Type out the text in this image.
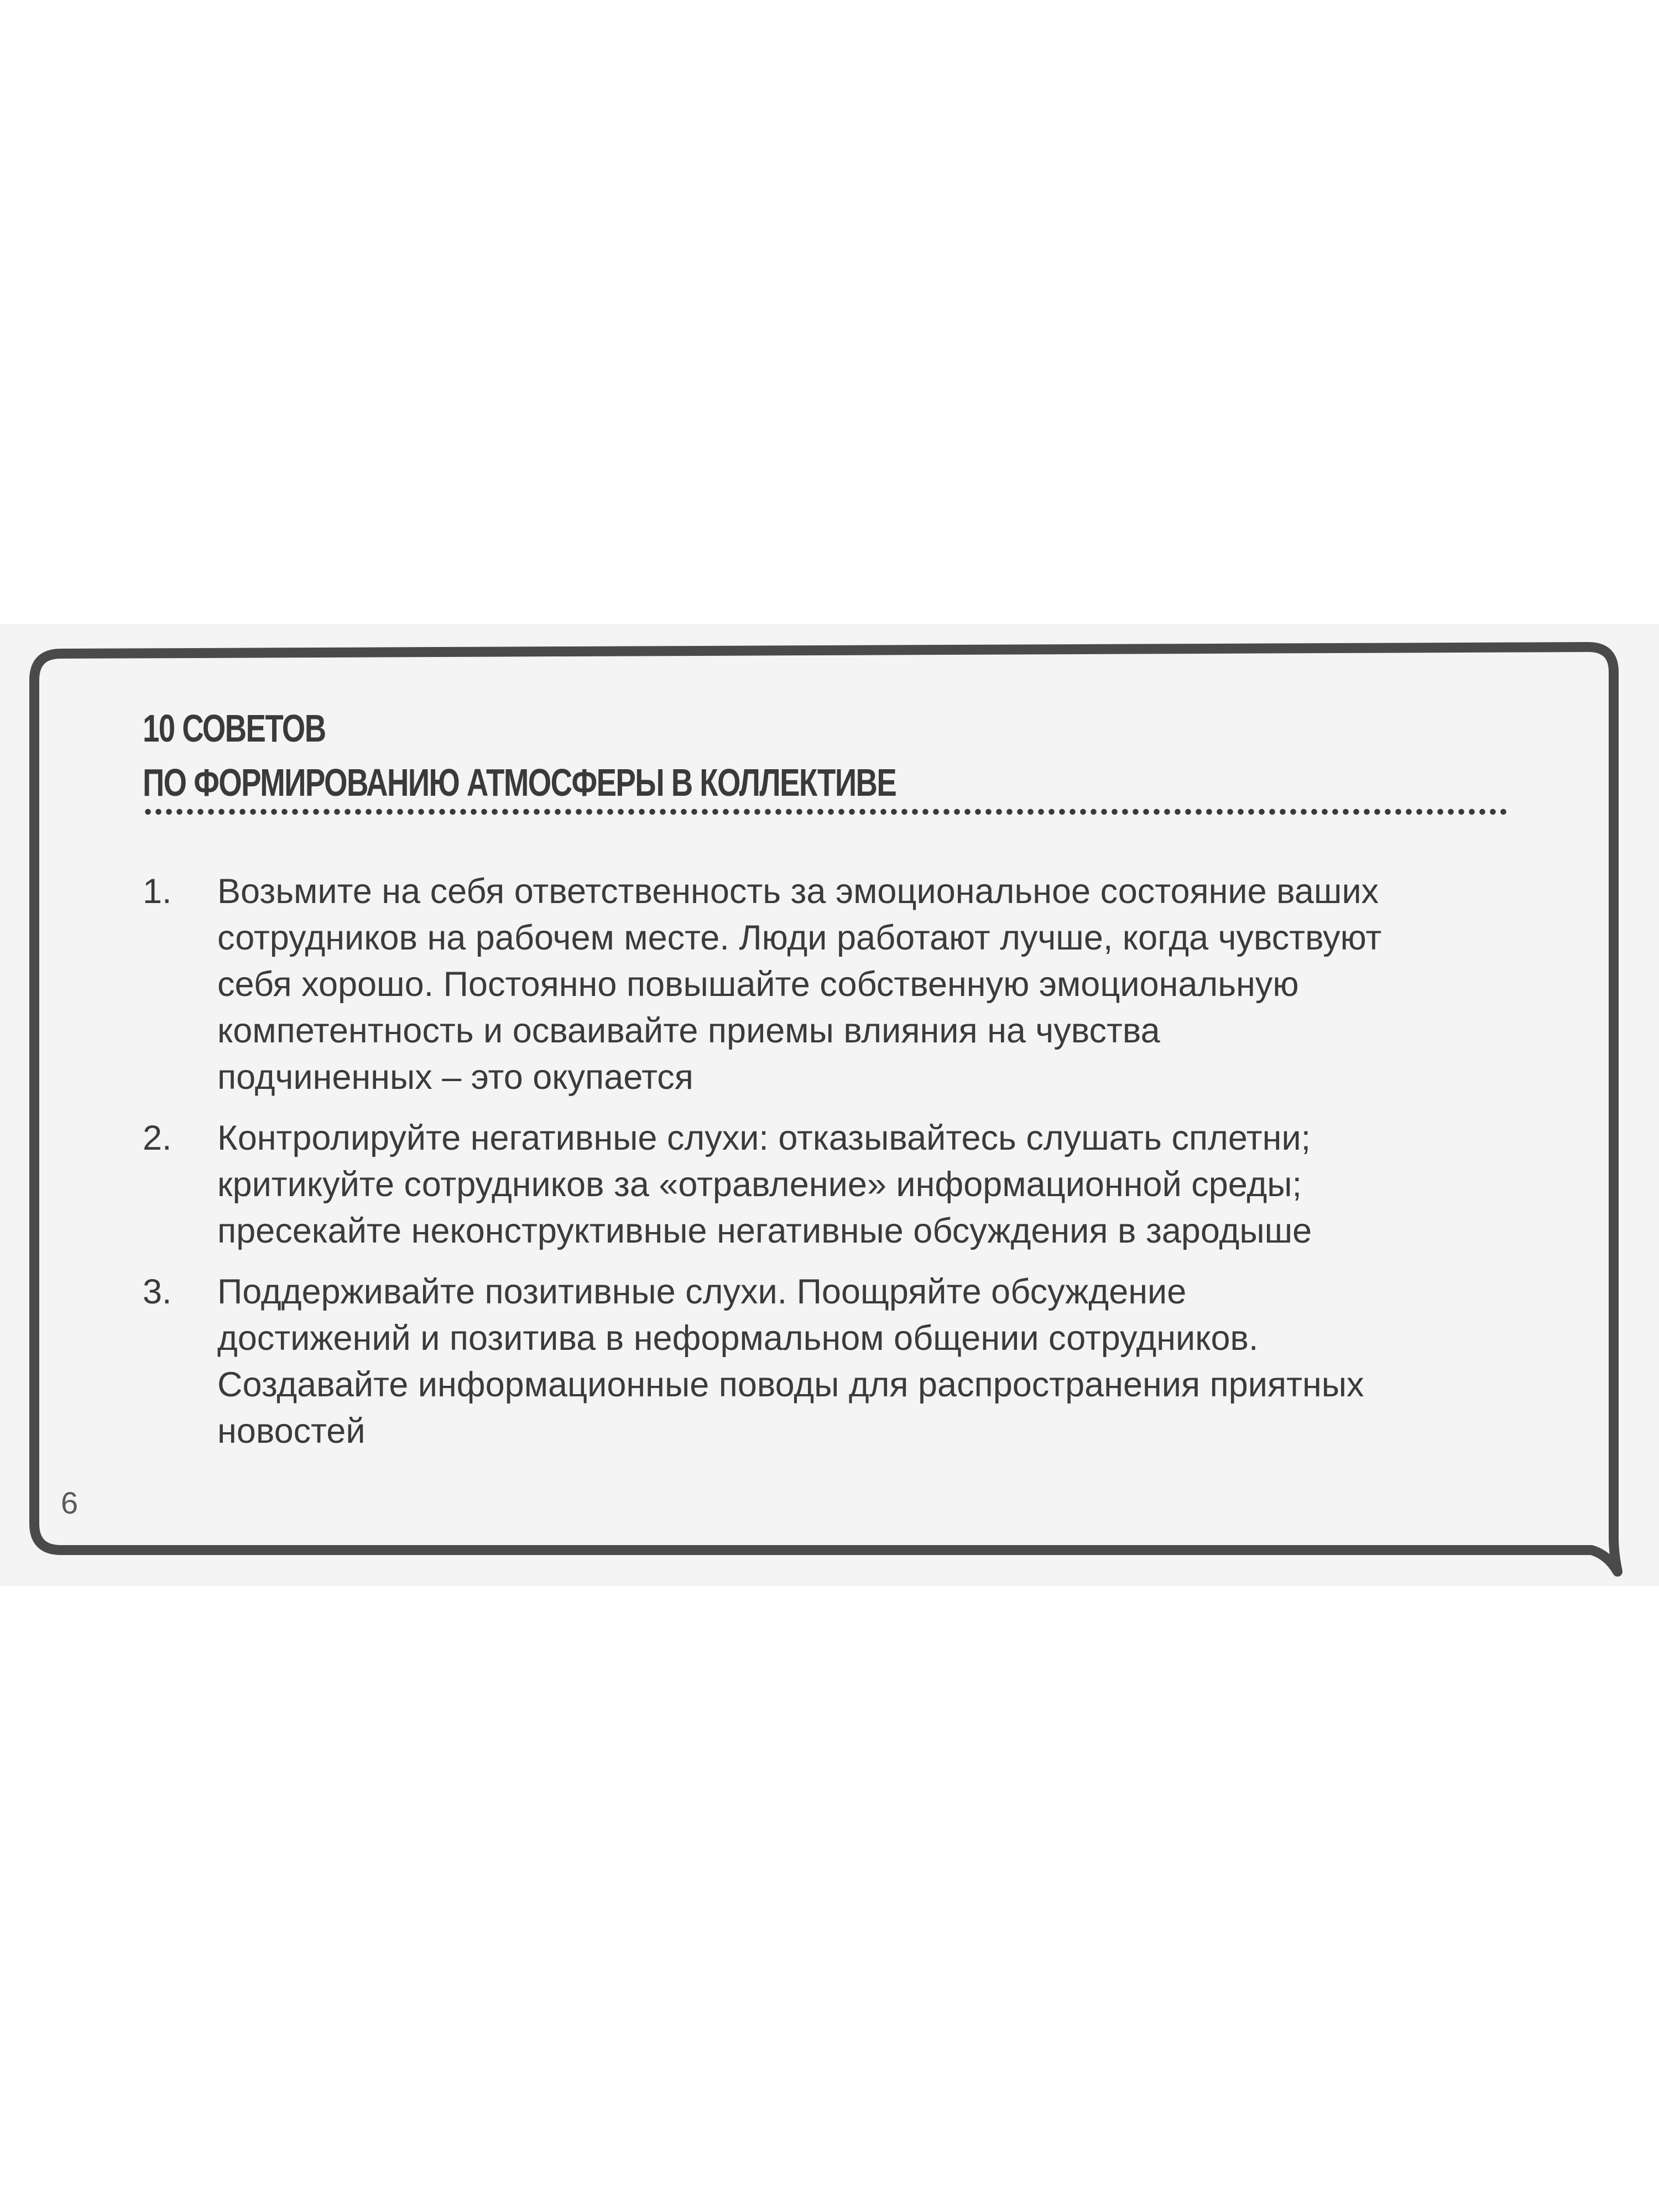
10 СОВЕТОВ
ПО ФОРМИРОВАНИЮ АТМОСФЕРЫ В КОЛЛЕКТИВЕ
1.	Возьмите на себя ответственность за эмоциональное состояние ваших
сотрудников на рабочем месте. Люди работают лучше, когда чувствуют
себя хорошо. Постоянно повышайте собственную эмоциональную
компетентность и осваивайте приемы влияния на чувства
подчиненных – это окупается
2.	Контролируйте негативные слухи: отказывайтесь слушать сплетни;
критикуйте сотрудников за «отравление» информационной среды;
пресекайте неконструктивные негативные обсуждения в зародыше
3.	Поддерживайте позитивные слухи. Поощряйте обсуждение
достижений и позитива в неформальном общении сотрудников.
Создавайте информационные поводы для распространения приятных
новостей
6
